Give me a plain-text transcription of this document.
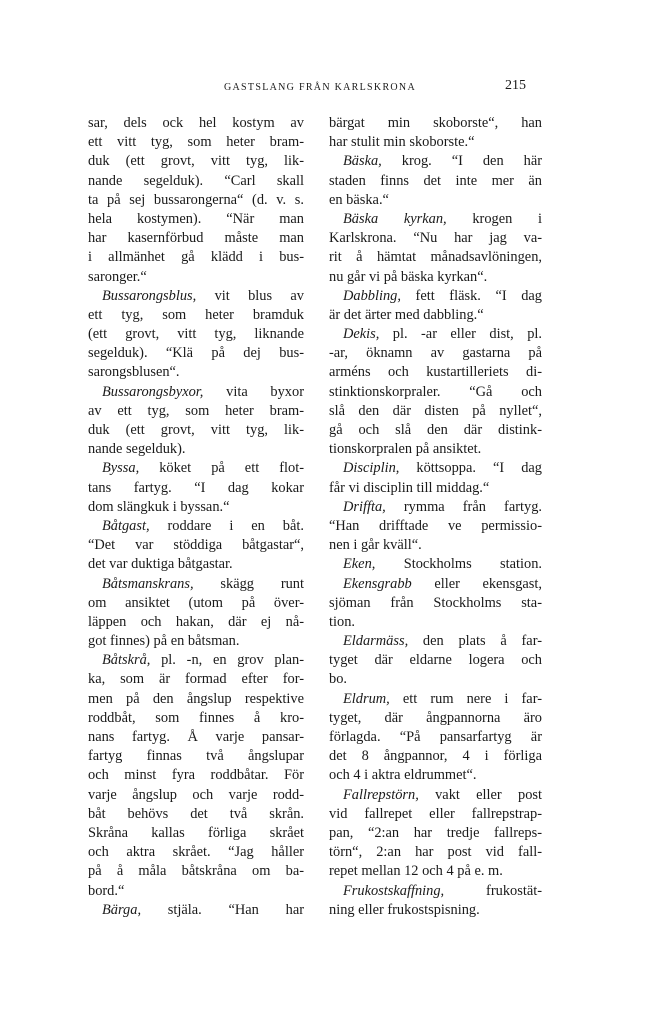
GASTSLANG FRÅN KARLSKRONA	215
sar, dels ock hel kostym av
ett vitt tyg, som heter bram-
duk (ett grovt, vitt tyg, lik-
nande segelduk). “Carl skall
ta på sej bussarongerna“ (d. v. s.
hela kostymen). “När man
har kasernförbud måste man
i allmänhet gå klädd i bus-
saronger.“
Bussarongsblus, vit blus av
ett tyg, som heter bramduk
(ett grovt, vitt tyg, liknande
segelduk). “Klä på dej bus-
sarongsblusen“.
Bussarongsbyxor, vita byxor
av ett tyg, som heter bram-
duk (ett grovt, vitt tyg, lik-
nande segelduk).
Byssa, köket på ett flot-
tans fartyg. “I dag kokar
dom slängkuk i byssan.“
Båtgast, roddare i en båt.
“Det var stöddiga båtgastar“,
det var duktiga båtgastar.
Båtsmanskrans, skägg runt
om ansiktet (utom på över-
läppen och hakan, där ej nå-
got finnes) på en båtsman.
Båtskrå, pl. -n, en grov plan-
ka, som är formad efter for-
men på den ångslup respektive
roddbåt, som finnes å kro-
nans fartyg. Å varje pansar-
fartyg finnas två ångslupar
och minst fyra roddbåtar. För
varje ångslup och varje rodd-
båt behövs det två skrån.
Skråna kallas förliga skrået
och aktra skrået. “Jag håller
på å måla båtskråna om ba-
bord.“
Bärga, stjäla. “Han har
bärgat min skoborste“, han
har stulit min skoborste.“
Bäska, krog. “I den här
staden finns det inte mer än
en bäska.“
Bäska kyrkan, krogen i
Karlskrona. “Nu har jag va-
rit å hämtat månadsavlöningen,
nu går vi på bäska kyrkan“.
Dabbling, fett fläsk. “I dag
är det ärter med dabbling.“
Dekis, pl. -ar eller dist, pl.
-ar, öknamn av gastarna på
arméns och kustartilleriets di-
stinktionskorpraler. “Gå och
slå den där disten på nyllet“,
gå och slå den där distink-
tionskorpralen på ansiktet.
Disciplin, köttsoppa. “I dag
får vi disciplin till middag.“
Driffta, rymma från fartyg.
“Han drifftade ve permissio-
nen i går kväll“.
Eken, Stockholms station.
Ekensgrabb eller ekensgast,
sjöman från Stockholms sta-
tion.
Eldarmäss, den plats å far-
tyget där eldarne logera och
bo.
Eldrum, ett rum nere i far-
tyget, där ångpannorna äro
förlagda. “På pansarfartyg är
det 8 ångpannor, 4 i förliga
och 4 i aktra eldrummet“.
Fallrepstörn, vakt eller post
vid fallrepet eller fallrepstrap-
pan, “2:an har tredje fallreps-
törn“, 2:an har post vid fall-
repet mellan 12 och 4 på e. m.
Frukostskaffning, frukostät-
ning eller frukostspisning.
